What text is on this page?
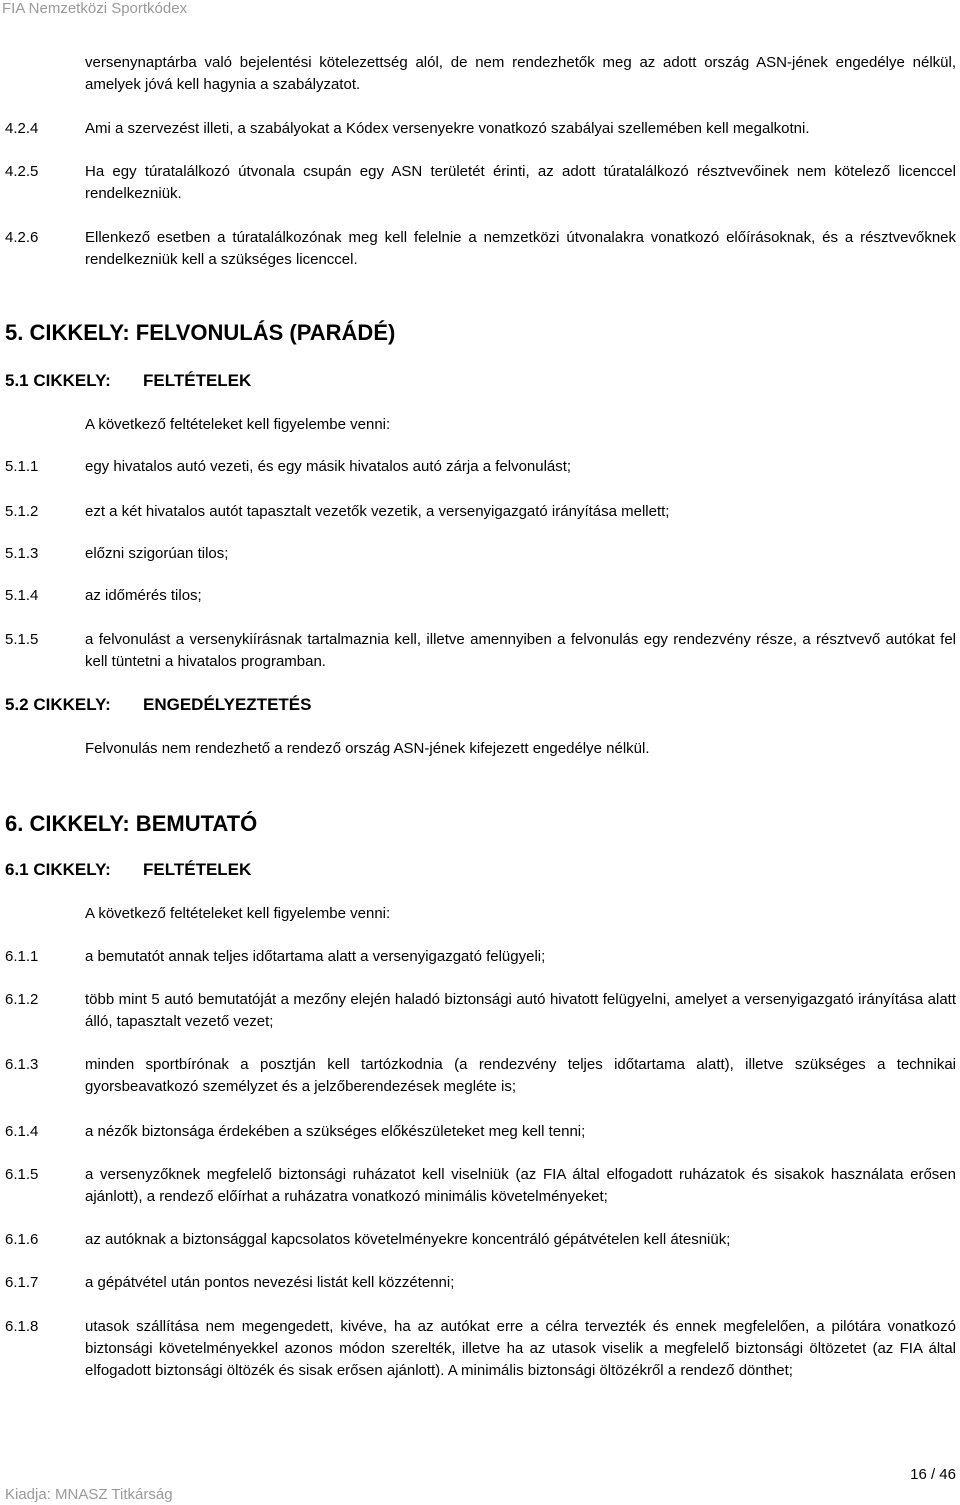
FIA Nemzetközi Sportkódex
versenynaptárba való bejelentési kötelezettség alól, de nem rendezhetők meg az adott ország ASN-jének engedélye nélkül, amelyek jóvá kell hagynia a szabályzatot.
4.2.4	Ami a szervezést illeti, a szabályokat a Kódex versenyekre vonatkozó szabályai szellemében kell megalkotni.
4.2.5	Ha egy túratalálkozó útvonala csupán egy ASN területét érinti, az adott túratalálkozó résztvevőinek nem kötelező licenccel rendelkezniük.
4.2.6	Ellenkező esetben a túratalálkozónak meg kell felelnie a nemzetközi útvonalakra vonatkozó előírásoknak, és a résztvevőknek rendelkezniük kell a szükséges licenccel.
5. CIKKELY: FELVONULÁS (PARÁDÉ)
5.1 CIKKELY: FELTÉTELEK
A következő feltételeket kell figyelembe venni:
5.1.1	egy hivatalos autó vezeti, és egy másik hivatalos autó zárja a felvonulást;
5.1.2	ezt a két hivatalos autót tapasztalt vezetők vezetik, a versenyigazgató irányítása mellett;
5.1.3	előzni szigorúan tilos;
5.1.4	az időmérés tilos;
5.1.5	a felvonulást a versenykiírásnak tartalmaznia kell, illetve amennyiben a felvonulás egy rendezvény része, a résztvevő autókat fel kell tüntetni a hivatalos programban.
5.2 CIKKELY: ENGEDÉLYEZTETÉS
Felvonulás nem rendezhető a rendező ország ASN-jének kifejezett engedélye nélkül.
6. CIKKELY: BEMUTATÓ
6.1 CIKKELY: FELTÉTELEK
A következő feltételeket kell figyelembe venni:
6.1.1	a bemutatót annak teljes időtartama alatt a versenyigazgató felügyeli;
6.1.2	több mint 5 autó bemutatóját a mezőny elején haladó biztonsági autó hivatott felügyelni, amelyet a versenyigazgató irányítása alatt álló, tapasztalt vezető vezet;
6.1.3	minden sportbírónak a posztján kell tartózkodnia (a rendezvény teljes időtartama alatt), illetve szükséges a technikai gyorsbeavatkozó személyzet és a jelzőberendezések megléte is;
6.1.4	a nézők biztonsága érdekében a szükséges előkészületeket meg kell tenni;
6.1.5	a versenyzőknek megfelelő biztonsági ruházatot kell viselniük (az FIA által elfogadott ruházatok és sisakok használata erősen ajánlott), a rendező előírhat a ruházatra vonatkozó minimális követelményeket;
6.1.6	az autóknak a biztonsággal kapcsolatos követelményekre koncentráló gépátvételen kell átesniük;
6.1.7	a gépátvétel után pontos nevezési listát kell közzétenni;
6.1.8	utasok szállítása nem megengedett, kivéve, ha az autókat erre a célra tervezték és ennek megfelelően, a pilótára vonatkozó biztonsági követelményekkel azonos módon szerelték, illetve ha az utasok viselik a megfelelő biztonsági öltözetet (az FIA által elfogadott biztonsági öltözék és sisak erősen ajánlott). A minimális biztonsági öltözékről a rendező dönthet;
16 / 46
Kiadja: MNASZ Titkárság
